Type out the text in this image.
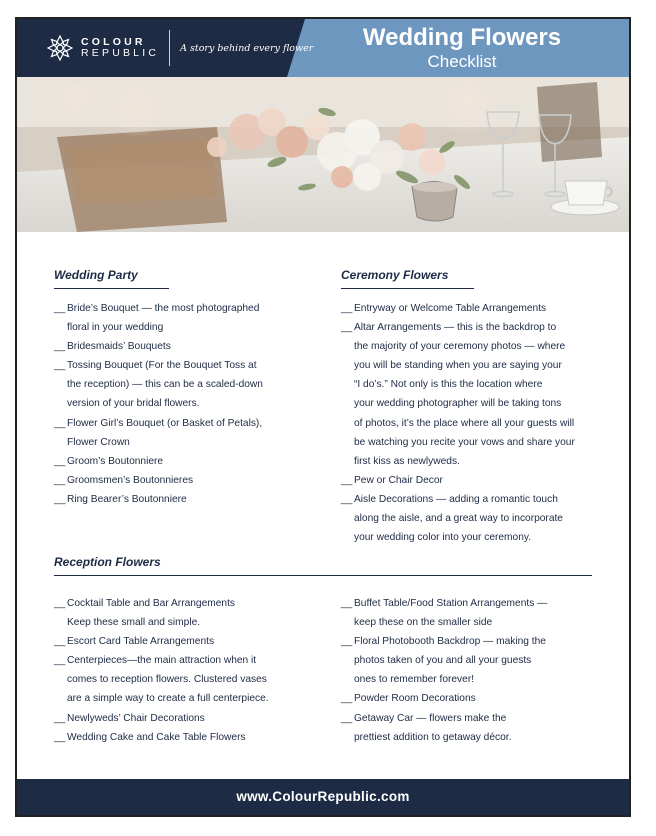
COLOUR
REPUBLIC A story behind every flower	Wedding Flowers
Checklist
Wedding Party
__ Bride’s Bouquet — the most photographed
floral in your wedding
__ Bridesmaids’ Bouquets
__ Tossing Bouquet (For the Bouquet Toss at
the reception) — this can be a scaled-down
version of your bridal flowers.
__ Flower Girl’s Bouquet (or Basket of Petals),
Flower Crown
__ Groom’s Boutonniere
__ Groomsmen’s Boutonnieres
__ Ring Bearer’s Boutonniere
Ceremony Flowers
__ Entryway or Welcome Table Arrangements
__ Altar Arrangements — this is the backdrop to
the majority of your ceremony photos — where
you will be standing when you are saying your
“I do’s.” Not only is this the location where
your wedding photographer will be taking tons
of photos, it’s the place where all your guests will
be watching you recite your vows and share your
first kiss as newlyweds.
__ Pew or Chair Decor
__ Aisle Decorations — adding a romantic touch
along the aisle, and a great way to incorporate
your wedding color into your ceremony.
Reception Flowers
__ Cocktail Table and Bar Arrangements
Keep these small and simple.
__ Escort Card Table Arrangements
__ Centerpieces—the main attraction when it
comes to reception flowers. Clustered vases
are a simple way to create a full centerpiece.
__ Newlyweds’ Chair Decorations
__ Wedding Cake and Cake Table Flowers
__ Buffet Table/Food Station Arrangements —
keep these on the smaller side
__ Floral Photobooth Backdrop — making the
photos taken of you and all your guests
ones to remember forever!
__ Powder Room Decorations
__ Getaway Car — flowers make the
prettiest addition to getaway décor.
www.ColourRepublic.com
